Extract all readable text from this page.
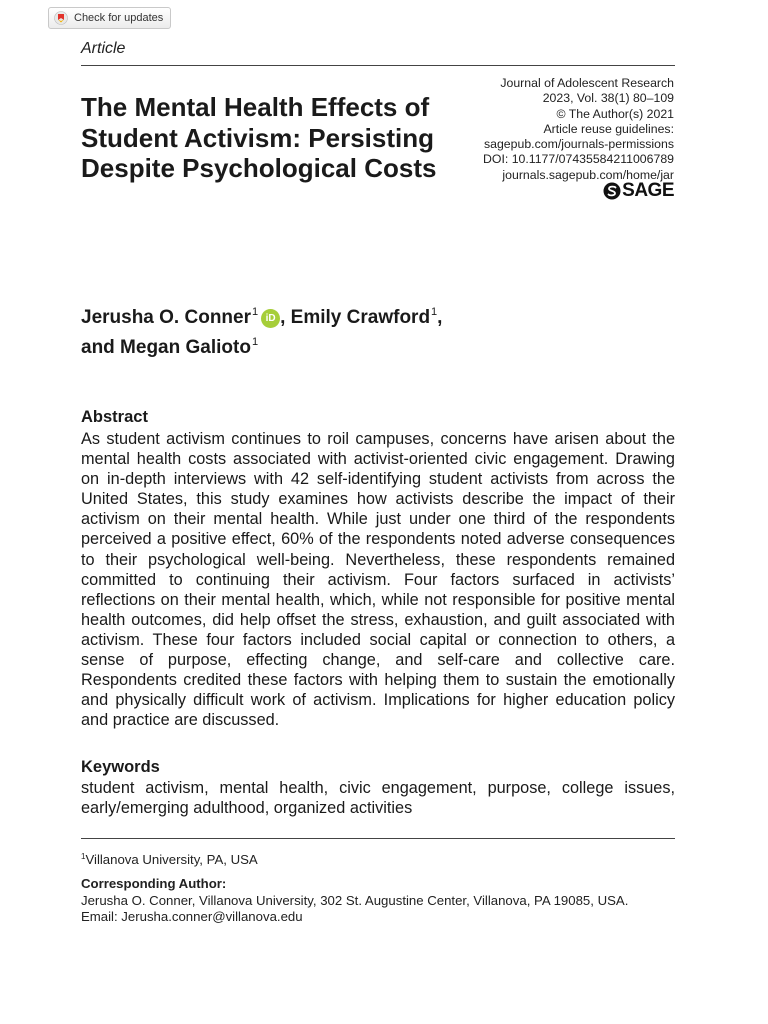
Check for updates
Article
Journal of Adolescent Research
2023, Vol. 38(1) 80–109
© The Author(s) 2021
Article reuse guidelines:
sagepub.com/journals-permissions
DOI: 10.1177/07435584211006789
journals.sagepub.com/home/jar
SAGE
The Mental Health Effects of Student Activism: Persisting Despite Psychological Costs
Jerusha O. Conner$^1$iD , Emily Crawford$^1$,
and Megan Galioto$^1$
Abstract
As student activism continues to roil campuses, concerns have arisen about the mental health costs associated with activist-oriented civic engagement. Drawing on in-depth interviews with 42 self-identifying student activists from across the United States, this study examines how activists describe the impact of their activism on their mental health. While just under one third of the respondents perceived a positive effect, 60% of the respondents noted adverse consequences to their psychological well-being. Nevertheless, these respondents remained committed to continuing their activism. Four factors surfaced in activists’ reflections on their mental health, which, while not responsible for positive mental health outcomes, did help offset the stress, exhaustion, and guilt associated with activism. These four factors included social capital or connection to others, a sense of purpose, effecting change, and self-care and collective care. Respondents credited these factors with helping them to sustain the emotionally and physically difficult work of activism. Implications for higher education policy and practice are discussed.
Keywords
student activism, mental health, civic engagement, purpose, college issues, early/emerging adulthood, organized activities
$^1$Villanova University, PA, USA
Corresponding Author:
Jerusha O. Conner, Villanova University, 302 St. Augustine Center, Villanova, PA 19085, USA.
Email: Jerusha.conner@villanova.edu
